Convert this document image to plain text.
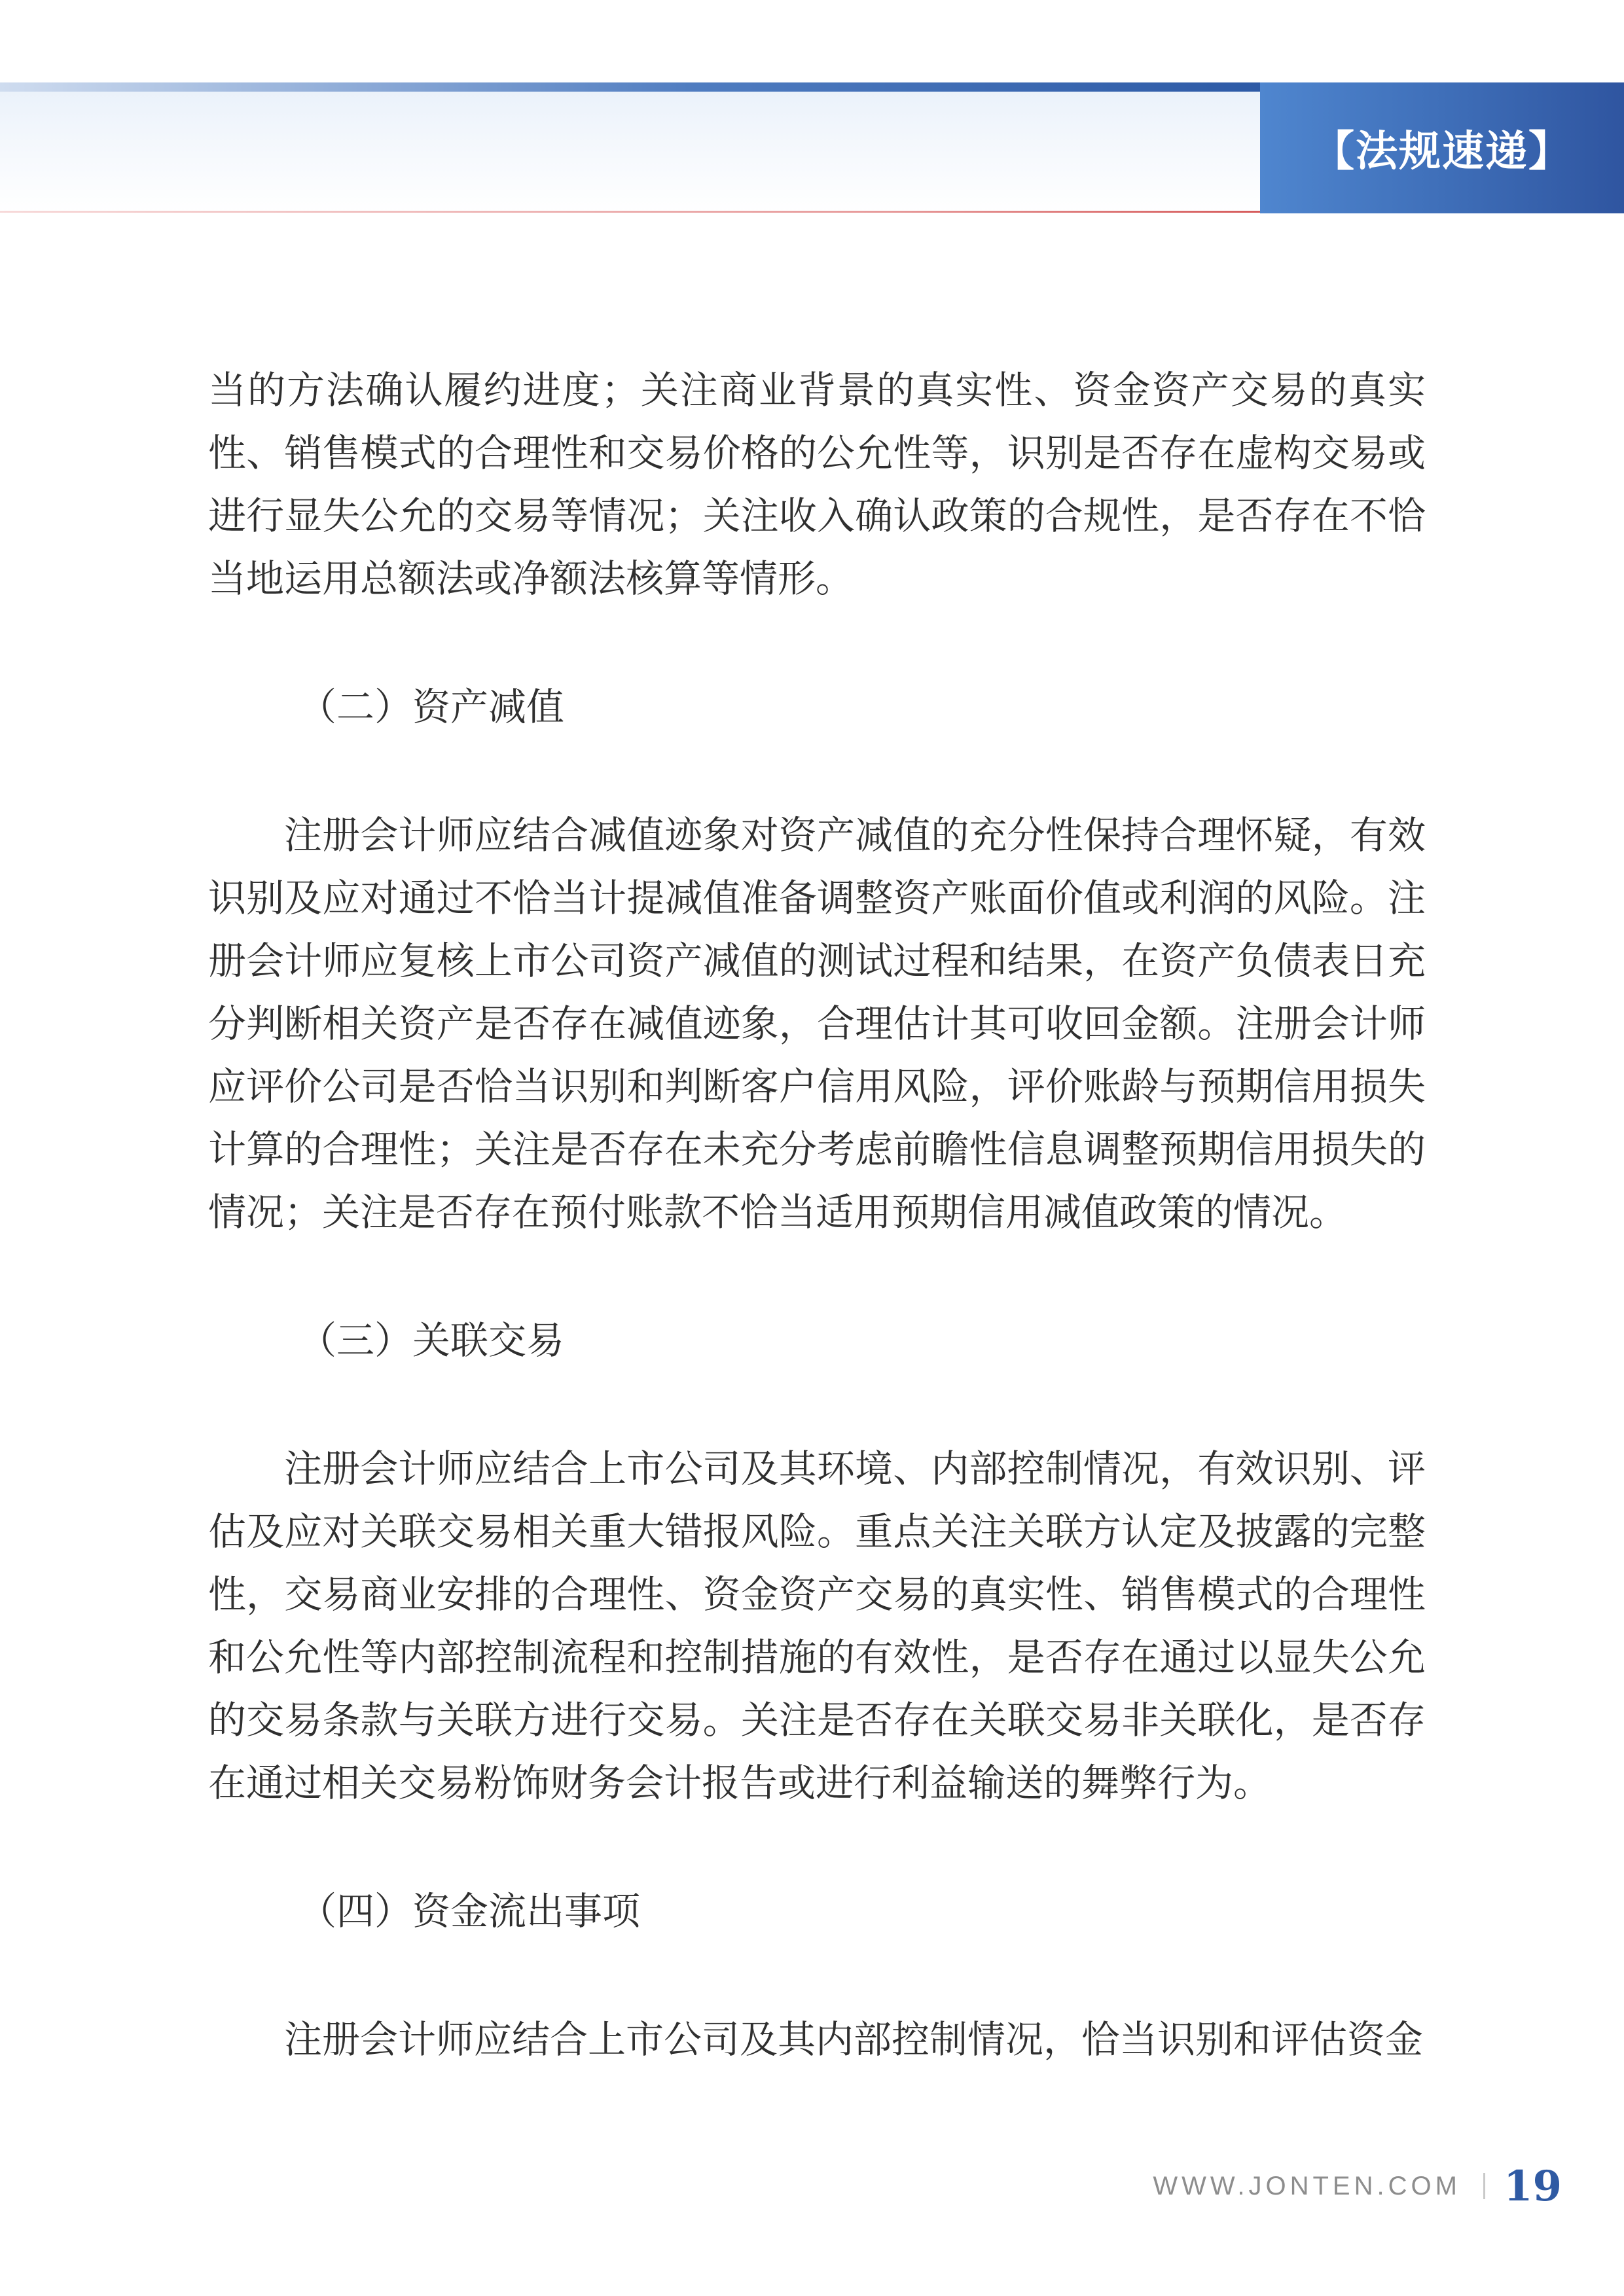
【法规速递】

当的方法确认履约进度；关注商业背景的真实性、资金资产交易的真实性、销售模式的合理性和交易价格的公允性等，识别是否存在虚构交易或进行显失公允的交易等情况；关注收入确认政策的合规性，是否存在不恰当地运用总额法或净额法核算等情形。

（二）资产减值

注册会计师应结合减值迹象对资产减值的充分性保持合理怀疑，有效识别及应对通过不恰当计提减值准备调整资产账面价值或利润的风险。注册会计师应复核上市公司资产减值的测试过程和结果，在资产负债表日充分判断相关资产是否存在减值迹象，合理估计其可收回金额。注册会计师应评价公司是否恰当识别和判断客户信用风险，评价账龄与预期信用损失计算的合理性；关注是否存在未充分考虑前瞻性信息调整预期信用损失的情况；关注是否存在预付账款不恰当适用预期信用减值政策的情况。

（三）关联交易

注册会计师应结合上市公司及其环境、内部控制情况，有效识别、评估及应对关联交易相关重大错报风险。重点关注关联方认定及披露的完整性，交易商业安排的合理性、资金资产交易的真实性、销售模式的合理性和公允性等内部控制流程和控制措施的有效性，是否存在通过以显失公允的交易条款与关联方进行交易。关注是否存在关联交易非关联化，是否存在通过相关交易粉饰财务会计报告或进行利益输送的舞弊行为。

（四）资金流出事项

注册会计师应结合上市公司及其内部控制情况，恰当识别和评估资金

WWW.JONTEN.COM 19
